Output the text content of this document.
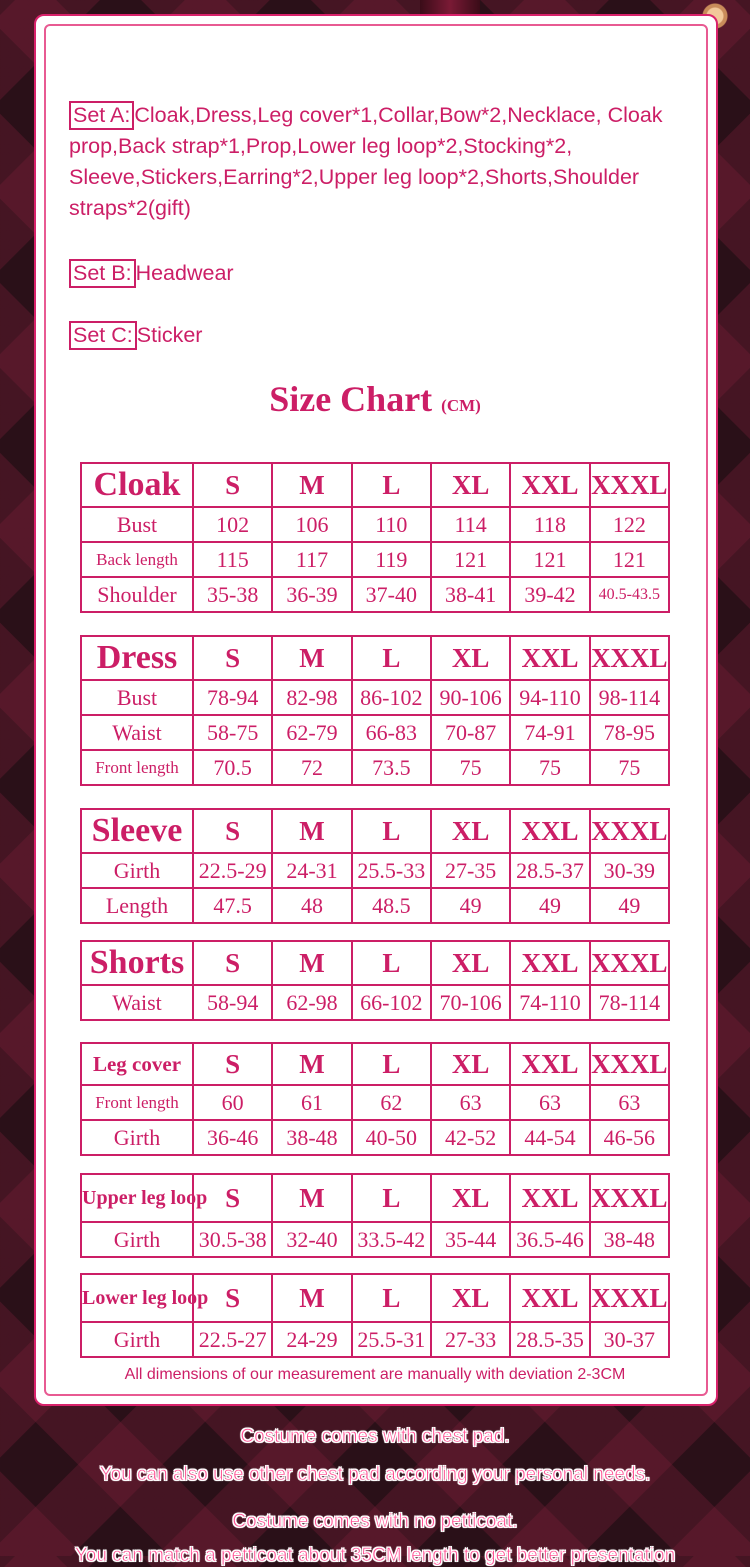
Set A: Cloak,Dress,Leg cover*1,Collar,Bow*2,Necklace, Cloak prop,Back strap*1,Prop,Lower leg loop*2,Stocking*2, Sleeve,Stickers,Earring*2,Upper leg loop*2,Shorts,Shoulder straps*2(gift)

Set B: Headwear

Set C: Sticker

Size Chart (CM)
Cloak	S	M	L	XL	XXL	XXXL
Bust	102	106	110	114	118	122
Back length	115	117	119	121	121	121
Shoulder	35-38	36-39	37-40	38-41	39-42	40.5-43.5
Dress	S	M	L	XL	XXL	XXXL
Bust	78-94	82-98	86-102	90-106	94-110	98-114
Waist	58-75	62-79	66-83	70-87	74-91	78-95
Front length	70.5	72	73.5	75	75	75
Sleeve	S	M	L	XL	XXL	XXXL
Girth	22.5-29	24-31	25.5-33	27-35	28.5-37	30-39
Length	47.5	48	48.5	49	49	49
Shorts	S	M	L	XL	XXL	XXXL
Waist	58-94	62-98	66-102	70-106	74-110	78-114
Leg cover	S	M	L	XL	XXL	XXXL
Front length	60	61	62	63	63	63
Girth	36-46	38-48	40-50	42-52	44-54	46-56
Upper leg loop	S	M	L	XL	XXL	XXXL
Girth	30.5-38	32-40	33.5-42	35-44	36.5-46	38-48
Lower leg loop	S	M	L	XL	XXL	XXXL
Girth	22.5-27	24-29	25.5-31	27-33	28.5-35	30-37
All dimensions of our measurement are manually with deviation 2-3CM
Costume comes with chest pad.
You can also use other chest pad according your personal needs.
Costume comes with no petticoat.
You can match a petticoat about 35CM length to get better presentation
